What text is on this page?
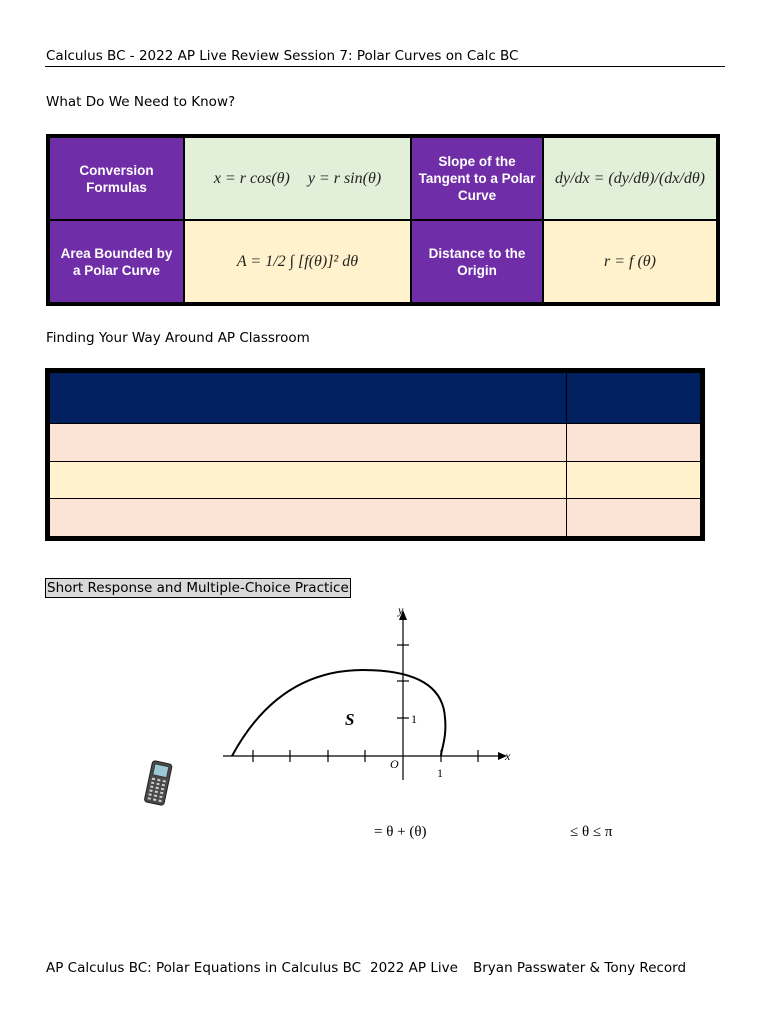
Calculus BC - 2022 AP Live Review Session 7: Polar Curves on Calc BC
What Do We Need to Know?
Conversion Formulas
x = r cos(θ) y = r sin(θ)
Slope of the Tangent to a Polar Curve
dy/dx = (dy/dθ)/(dx/dθ)
Area Bounded by a Polar Curve
A = 1/2 ∫ [f(θ)]² dθ	Distance to the Origin
r = f (θ)
Finding Your Way Around AP Classroom
Short Response and Multiple-Choice Practice
y
x
O
S
1
1
= θ + (θ)	≤ θ ≤ π
AP Calculus BC: Polar Equations in Calculus BC 2022 AP Live Bryan Passwater & Tony Record
